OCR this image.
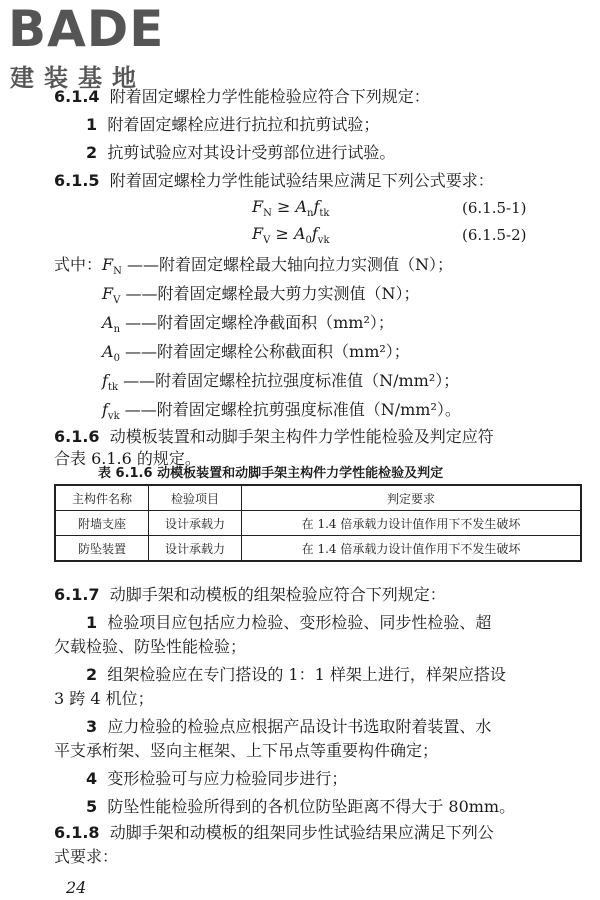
BADE
建装基地
6.1.4 附着固定螺栓力学性能检验应符合下列规定：
1 附着固定螺栓应进行抗拉和抗剪试验；
2 抗剪试验应对其设计受剪部位进行试验。
6.1.5 附着固定螺栓力学性能试验结果应满足下列公式要求：
$F_N \ge A_nf_{tk}$	(6.1.5-1)
$F_V \ge A_0f_{vk}$	(6.1.5-2)
式中： $F_N$ ——附着固定螺栓最大轴向拉力实测值（N）；
$F_V$ ——附着固定螺栓最大剪力实测值（N）；
$A_n$ ——附着固定螺栓净截面积（mm²）；
$A_0$ ——附着固定螺栓公称截面积（mm²）；
$f_{tk}$ ——附着固定螺栓抗拉强度标准值（N/mm²）；
$f_{vk}$ ——附着固定螺栓抗剪强度标准值（N/mm²）。
6.1.6 动模板装置和动脚手架主构件力学性能检验及判定应符
表 6.1.6 动模板装置和动脚手架主构件力学性能检验及判定
主构件名称	检验项目	判定要求
附墙支座	设计承载力	在 1.4 倍承载力设计值作用下不发生破坏
防坠装置	设计承载力	在 1.4 倍承载力设计值作用下不发生破坏
6.1.7 动脚手架和动模板的组架检验应符合下列规定：
1 检验项目应包括应力检验、变形检验、同步性检验、超
欠载检验、防坠性能检验；
2 组架检验应在专门搭设的 1：1 样架上进行，样架应搭设
3 跨 4 机位；
3 应力检验的检验点应根据产品设计书选取附着装置、水
平支承桁架、竖向主框架、上下吊点等重要构件确定；
4 变形检验可与应力检验同步进行；
5 防坠性能检验所得到的各机位防坠距离不得大于 80mm。
6.1.8 动脚手架和动模板的组架同步性试验结果应满足下列公
式要求：
24
合表 6.1.6 的规定。
